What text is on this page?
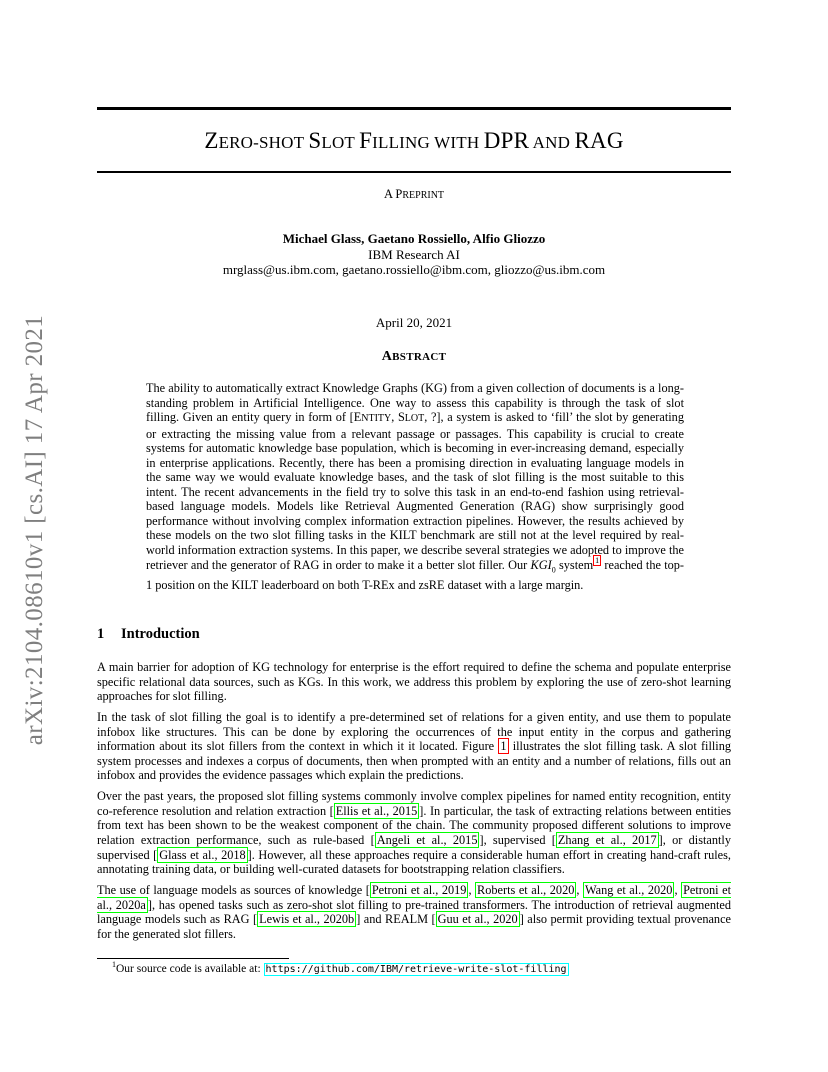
arXiv:2104.08610v1 [cs.AI] 17 Apr 2021
ZERO-SHOT SLOT FILLING WITH DPR AND RAG
A PREPRINT
Michael Glass, Gaetano Rossiello, Alfio Gliozzo
IBM Research AI
mrglass@us.ibm.com, gaetano.rossiello@ibm.com, gliozzo@us.ibm.com
April 20, 2021
ABSTRACT
The ability to automatically extract Knowledge Graphs (KG) from a given collection of documents is a long-standing problem in Artificial Intelligence. One way to assess this capability is through the task of slot filling. Given an entity query in form of [ENTITY, SLOT, ?], a system is asked to ‘fill’ the slot by generating or extracting the missing value from a relevant passage or passages. This capability is crucial to create systems for automatic knowledge base population, which is becoming in ever-increasing demand, especially in enterprise applications. Recently, there has been a promising direction in evaluating language models in the same way we would evaluate knowledge bases, and the task of slot filling is the most suitable to this intent. The recent advancements in the field try to solve this task in an end-to-end fashion using retrieval-based language models. Models like Retrieval Augmented Generation (RAG) show surprisingly good performance without involving complex information extraction pipelines. However, the results achieved by these models on the two slot filling tasks in the KILT benchmark are still not at the level required by real-world information extraction systems. In this paper, we describe several strategies we adopted to improve the retriever and the generator of RAG in order to make it a better slot filler. Our $KGI_0$ system $^1$ reached the top-1 position on the KILT leaderboard on both T-REx and zsRE dataset with a large margin.
1 Introduction

A main barrier for adoption of KG technology for enterprise is the effort required to define the schema and populate enterprise specific relational data sources, such as KGs. In this work, we address this problem by exploring the use of zero-shot learning approaches for slot filling.

In the task of slot filling the goal is to identify a pre-determined set of relations for a given entity, and use them to populate infobox like structures. This can be done by exploring the occurrences of the input entity in the corpus and gathering information about its slot fillers from the context in which it it located. Figure 1 illustrates the slot filling task. A slot filling system processes and indexes a corpus of documents, then when prompted with an entity and a number of relations, fills out an infobox and provides the evidence passages which explain the predictions.

Over the past years, the proposed slot filling systems commonly involve complex pipelines for named entity recognition, entity co-reference resolution and relation extraction [ Ellis et al., 2015 ]. In particular, the task of extracting relations between entities from text has been shown to be the weakest component of the chain. The community proposed different solutions to improve relation extraction performance, such as rule-based [ Angeli et al., 2015 ], supervised [ Zhang et al., 2017 ], or distantly supervised [ Glass et al., 2018 ]. However, all these approaches require a considerable human effort in creating hand-craft rules, annotating training data, or building well-curated datasets for bootstrapping relation classifiers.

The use of language models as sources of knowledge [ Petroni et al., 2019 , Roberts et al., 2020 , Wang et al., 2020 , Petroni et al., 2020a ], has opened tasks such as zero-shot slot filling to pre-trained transformers. The introduction of retrieval augmented language models such as RAG [ Lewis et al., 2020b ] and REALM [ Guu et al., 2020 ] also permit providing textual provenance for the generated slot fillers.

$^1$Our source code is available at: https://github.com/IBM/retrieve-write-slot-filling
